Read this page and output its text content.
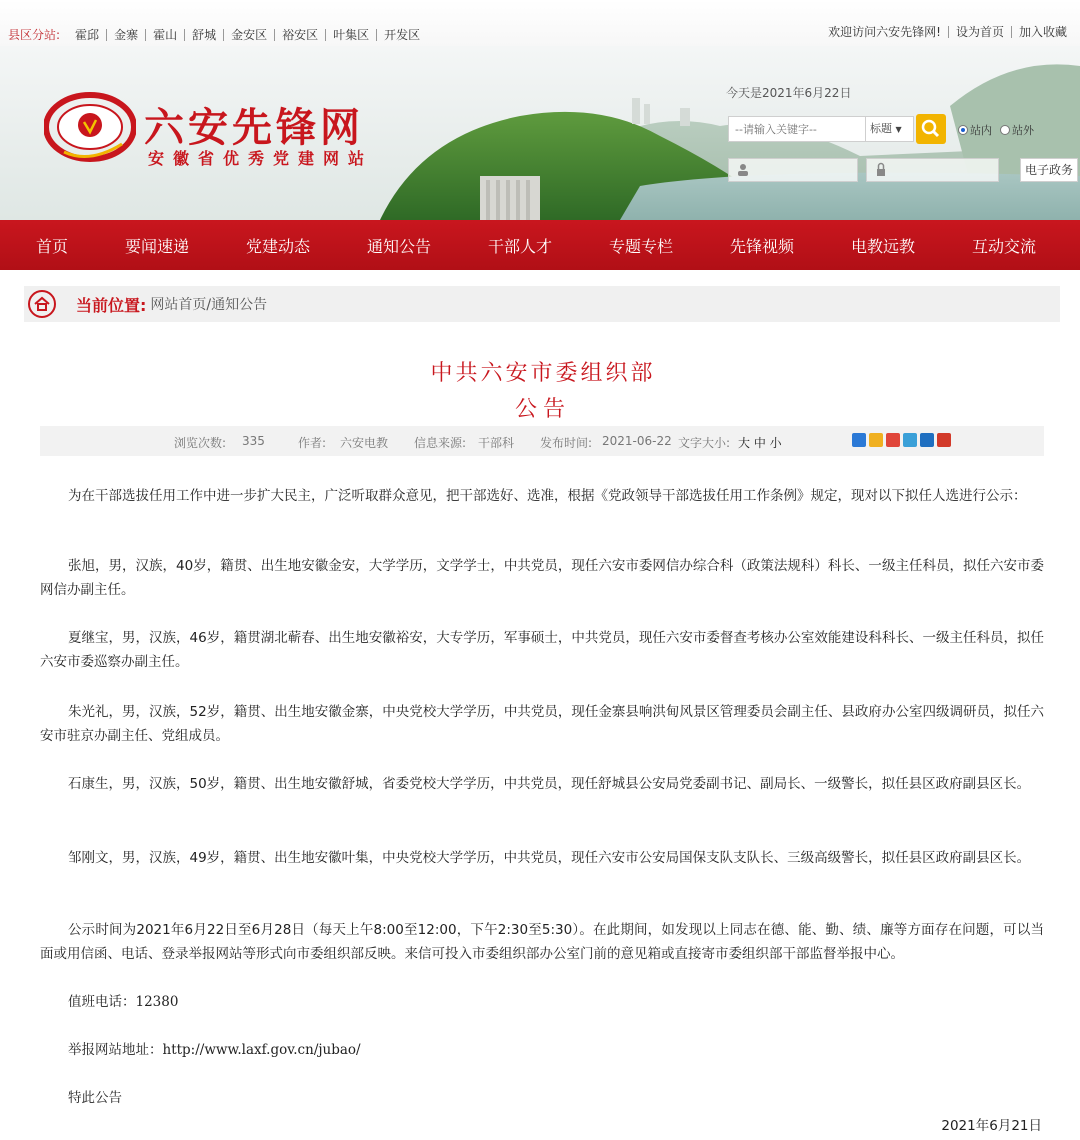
县区分站:	霍邱	金寨	霍山	舒城	金安区	裕安区	叶集区	开发区	欢迎访问六安先锋网!	设为首页	加入收藏
六安先锋网
安徽省优秀党建网站
今天是2021年6月22日
--请输入关键字--
标题 ▼	站内	站外
电子政务
首页	要闻速递	党建动态	通知公告	干部人才	专题专栏	先锋视频	电教远教	互动交流
当前位置: 网站首页/通知公告
中共六安市委组织部
公告
浏览次数: 335	作者: 六安电教 信息来源: 干部科 发布时间: 2021-06-22 文字大小: 大 中 小

为在干部选拔任用工作中进一步扩大民主，广泛听取群众意见，把干部选好、选准，根据《党政领导干部选拔任用工作条例》规定，现对以下拟任人选进行公示：

张旭，男，汉族，40岁，籍贯、出生地安徽金安，大学学历，文学学士，中共党员，现任六安市委网信办综合科（政策法规科）科长、一级主任科员，拟任六安市委网信办副主任。

夏继宝，男，汉族，46岁，籍贯湖北蕲春、出生地安徽裕安，大专学历，军事硕士，中共党员，现任六安市委督查考核办公室效能建设科科长、一级主任科员，拟任六安市委巡察办副主任。

朱光礼，男，汉族，52岁，籍贯、出生地安徽金寨，中央党校大学学历，中共党员，现任金寨县响洪甸风景区管理委员会副主任、县政府办公室四级调研员，拟任六安市驻京办副主任、党组成员。

石康生，男，汉族，50岁，籍贯、出生地安徽舒城，省委党校大学学历，中共党员，现任舒城县公安局党委副书记、副局长、一级警长，拟任县区政府副县区长。

邹刚文，男，汉族，49岁，籍贯、出生地安徽叶集，中央党校大学学历，中共党员，现任六安市公安局国保支队支队长、三级高级警长，拟任县区政府副县区长。

公示时间为2021年6月22日至6月28日（每天上午8:00至12:00，下午2:30至5:30）。在此期间，如发现以上同志在德、能、勤、绩、廉等方面存在问题，可以当面或用信函、电话、登录举报网站等形式向市委组织部反映。来信可投入市委组织部办公室门前的意见箱或直接寄市委组织部干部监督举报中心。

值班电话：12380

举报网站地址：http://www.laxf.gov.cn/jubao/

特此公告

2021年6月21日
